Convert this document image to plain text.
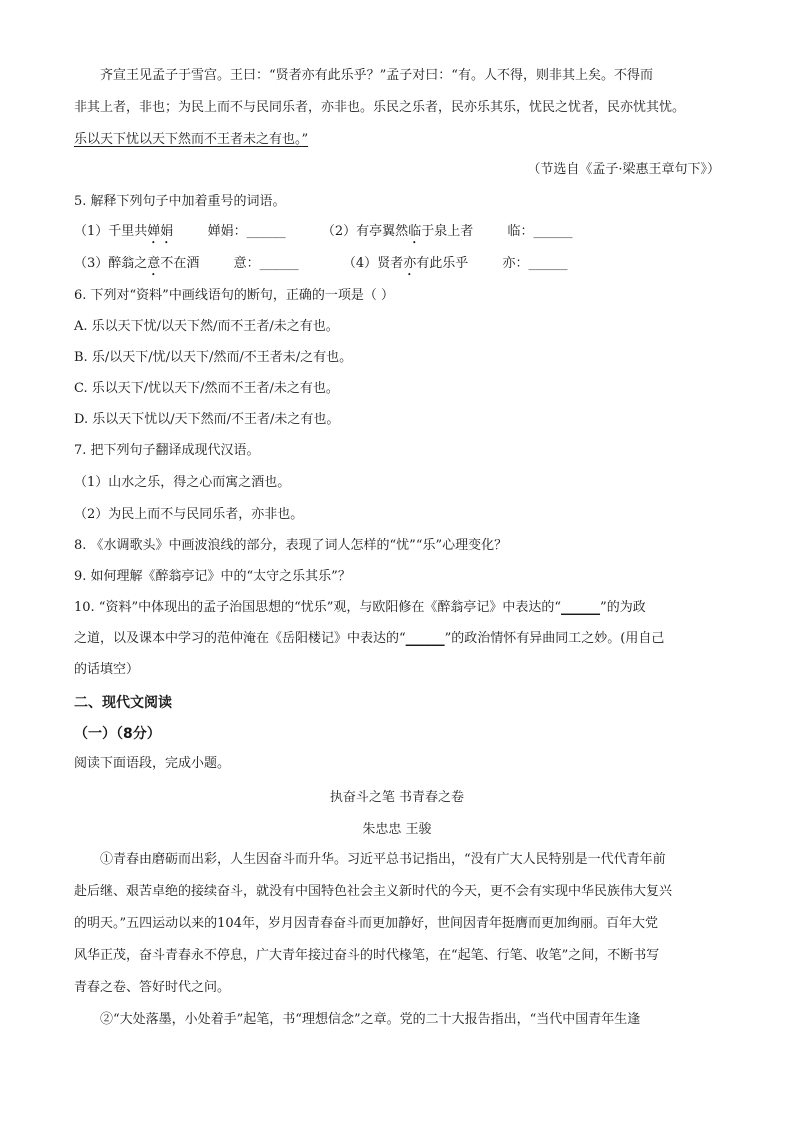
齐宣王见孟子于雪宫。王曰：“贤者亦有此乐乎？”孟子对曰：“有。人不得，则非其上矣。不得而
非其上者，非也；为民上而不与民同乐者，亦非也。乐民之乐者，民亦乐其乐，忧民之忧者，民亦忧其忧。
乐以天下忧以天下然而不王者未之有也。”
（节选自《孟子·梁惠王章句下》）
5. 解释下列句子中加着重号的词语。
（1）千里共婵娟	婵娟：______	（2）有亭翼然临于泉上者	临：______
（3）醉翁之意不在酒	意：______	（4）贤者亦有此乐乎	亦：______
6. 下列对“资料”中画线语句的断句，正确的一项是（ ）
A. 乐以天下忧/以天下然/而不王者/未之有也。
B. 乐/以天下/忧/以天下/然而/不王者未/之有也。
C. 乐以天下/忧以天下/然而不王者/未之有也。
D. 乐以天下忧以/天下然而/不王者/未之有也。
7. 把下列句子翻译成现代汉语。
（1）山水之乐，得之心而寓之酒也。
（2）为民上而不与民同乐者，亦非也。
8. 《水调歌头》中画波浪线的部分，表现了词人怎样的“忧”“乐”心理变化？
9. 如何理解《醉翁亭记》中的“太守之乐其乐”？
10. “资料”中体现出的孟子治国思想的“忧乐”观，与欧阳修在《醉翁亭记》中表达的“______”的为政
之道，以及课本中学习的范仲淹在《岳阳楼记》中表达的“______”的政治情怀有异曲同工之妙。(用自己
的话填空）
二、现代文阅读
（一）（8分）
阅读下面语段，完成小题。
执奋斗之笔 书青春之卷
朱忠忠 王骏
①青春由磨砺而出彩，人生因奋斗而升华。习近平总书记指出，“没有广大人民特别是一代代青年前
赴后继、艰苦卓绝的接续奋斗，就没有中国特色社会主义新时代的今天，更不会有实现中华民族伟大复兴
的明天。”五四运动以来的104年，岁月因青春奋斗而更加静好，世间因青年挺膺而更加绚丽。百年大党
风华正茂，奋斗青春永不停息，广大青年接过奋斗的时代椽笔，在“起笔、行笔、收笔”之间，不断书写
青春之卷、答好时代之问。
②“大处落墨，小处着手”起笔，书“理想信念”之章。党的二十大报告指出，“当代中国青年生逢
